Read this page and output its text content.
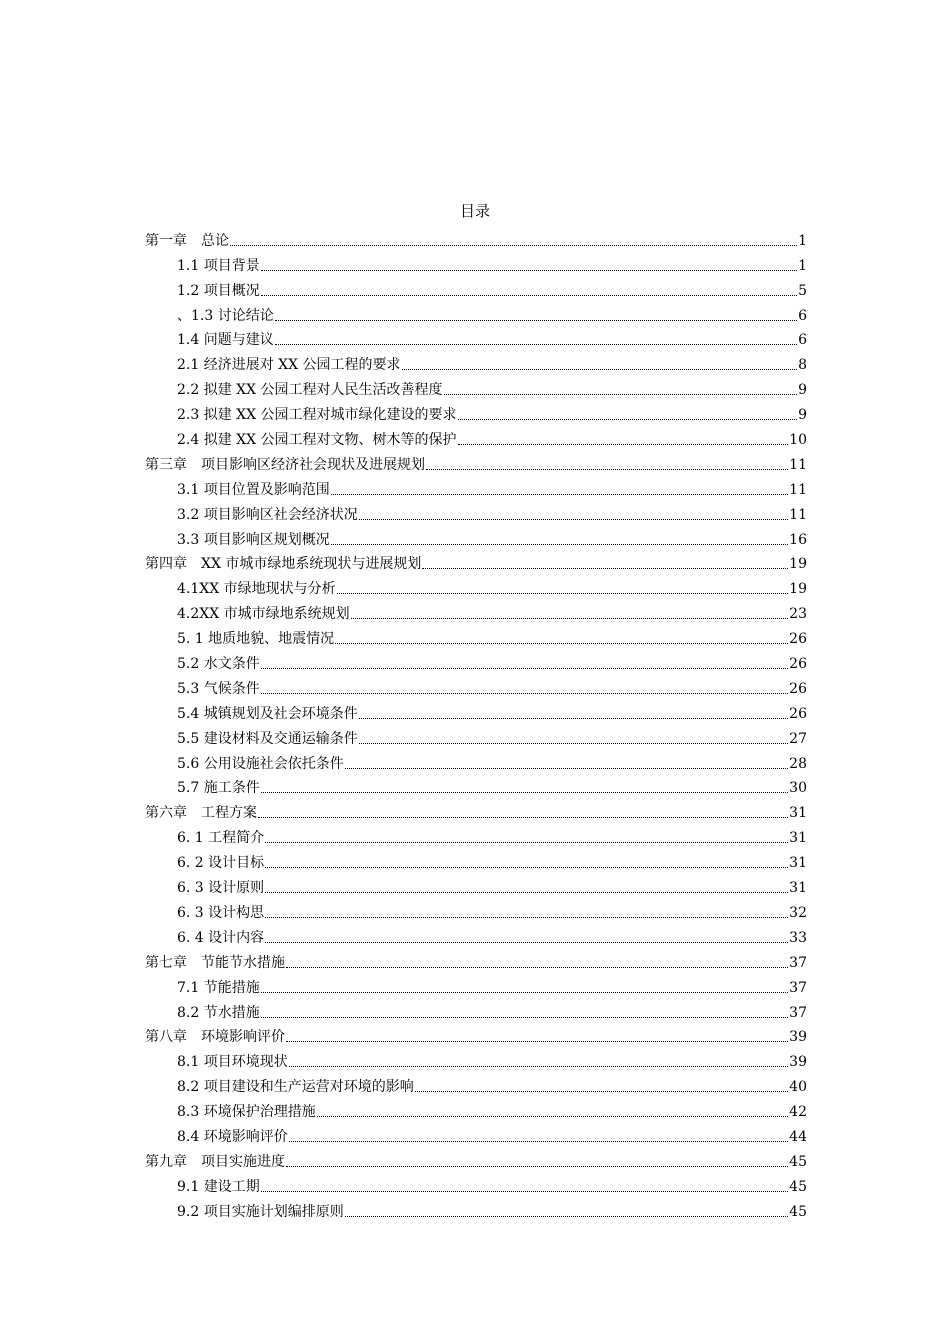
目录
第一章　总论	1
1.1 项目背景	1
1.2 项目概况	5
、1.3 讨论结论	6
1.4 问题与建议	6
2.1 经济进展对 XX 公园工程的要求	8
2.2 拟建 XX 公园工程对人民生活改善程度	9
2.3 拟建 XX 公园工程对城市绿化建设的要求	9
2.4 拟建 XX 公园工程对文物、树木等的保护	10
第三章　项目影响区经济社会现状及进展规划	11
3.1 项目位置及影响范围	11
3.2 项目影响区社会经济状况	11
3.3 项目影响区规划概况	16
第四章　XX 市城市绿地系统现状与进展规划	19
4.1XX 市绿地现状与分析	19
4.2XX 市城市绿地系统规划	23
5. 1 地质地貌、地震情况	26
5.2 水文条件	26
5.3 气候条件	26
5.4 城镇规划及社会环境条件	26
5.5 建设材料及交通运输条件	27
5.6 公用设施社会依托条件	28
5.7 施工条件	30
第六章　工程方案	31
6. 1 工程简介	31
6. 2 设计目标	31
6. 3 设计原则	31
6. 3 设计构思	32
6. 4 设计内容	33
第七章　节能节水措施	37
7.1 节能措施	37
8.2 节水措施	37
第八章　环境影响评价	39
8.1 项目环境现状	39
8.2 项目建设和生产运营对环境的影响	40
8.3 环境保护治理措施	42
8.4 环境影响评价	44
第九章　项目实施进度	45
9.1 建设工期	45
9.2 项目实施计划编排原则	45
